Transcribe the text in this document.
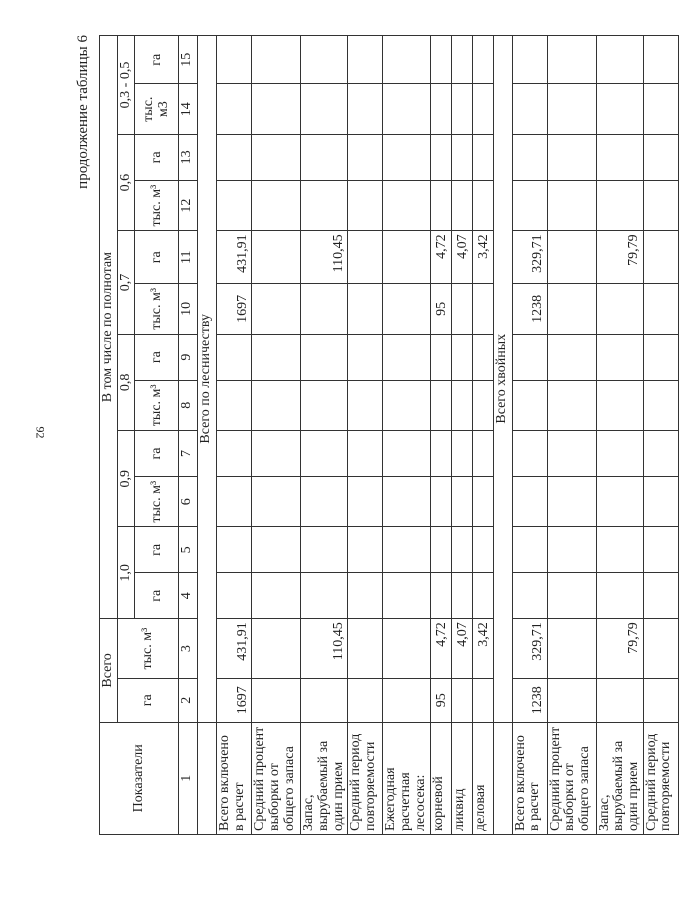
92
продолжение таблицы 6
Показатели	Всего		В том числе по полнотам											
	га	тыс. м³	1,0		0,9		0,8		0,7		0,6		0,3 - 0,5	
			га	га	тыс. м³	га	тыс. м³	га	тыс. м³	га	тыс. м³	га	тыс. м3	га
1	2	3	4	5	6	7	8	9	10	11	12	13	14	15
	Всего по лесничеству													
Всего включено в расчет	1697	431,91							1697	431,91				
Средний процент выборки от общего запаса														
Запас, вырубаемый за один прием		110,45								110,45				
Средний период повторяемости														
Ежегодная расчетная лесосека:														
корневой	95	4,72							95	4,72				
ликвид		4,07								4,07				
деловая		3,42								3,42				
	Всего хвойных													
Всего включено в расчет	1238	329,71							1238	329,71				
Средний процент выборки от общего запаса														
Запас, вырубаемый за один прием		79,79								79,79				
Средний период повторяемости														
